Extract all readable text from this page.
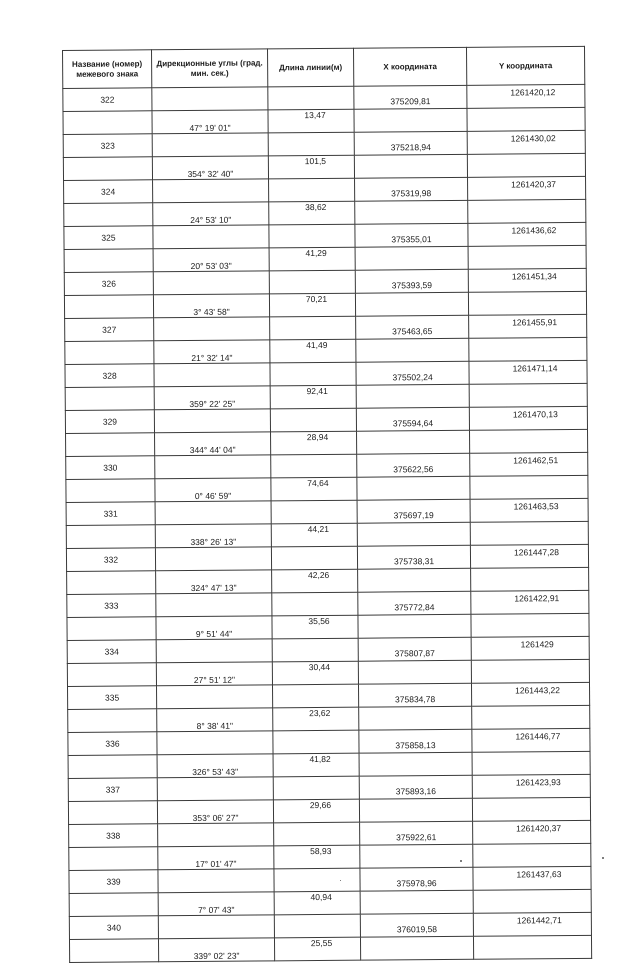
Название (номер) межевого знака	Дирекционные углы (град. мин. сек.)	Длина линии(м)	X координата	Y координата
322			375209,81	1261420,12
	47° 19' 01"	13,47		
323			375218,94	1261430,02
	354° 32' 40"	101,5		
324			375319,98	1261420,37
	24° 53' 10"	38,62		
325			375355,01	1261436,62
	20° 53' 03"	41,29		
326			375393,59	1261451,34
	3° 43' 58"	70,21		
327			375463,65	1261455,91
	21° 32' 14"	41,49		
328			375502,24	1261471,14
	359° 22' 25"	92,41		
329			375594,64	1261470,13
	344° 44' 04"	28,94		
330			375622,56	1261462,51
	0° 46' 59"	74,64		
331			375697,19	1261463,53
	338° 26' 13"	44,21		
332			375738,31	1261447,28
	324° 47' 13"	42,26		
333			375772,84	1261422,91
	9° 51' 44"	35,56		
334			375807,87	1261429
	27° 51' 12"	30,44		
335			375834,78	1261443,22
	8° 38' 41"	23,62		
336			375858,13	1261446,77
	326° 53' 43"	41,82		
337			375893,16	1261423,93
	353° 06' 27"	29,66		
338			375922,61	1261420,37
	17° 01' 47"	58,93		
339			375978,96	1261437,63
	7° 07' 43"	40,94		
340			376019,58	1261442,71
	339° 02' 23"	25,55		
